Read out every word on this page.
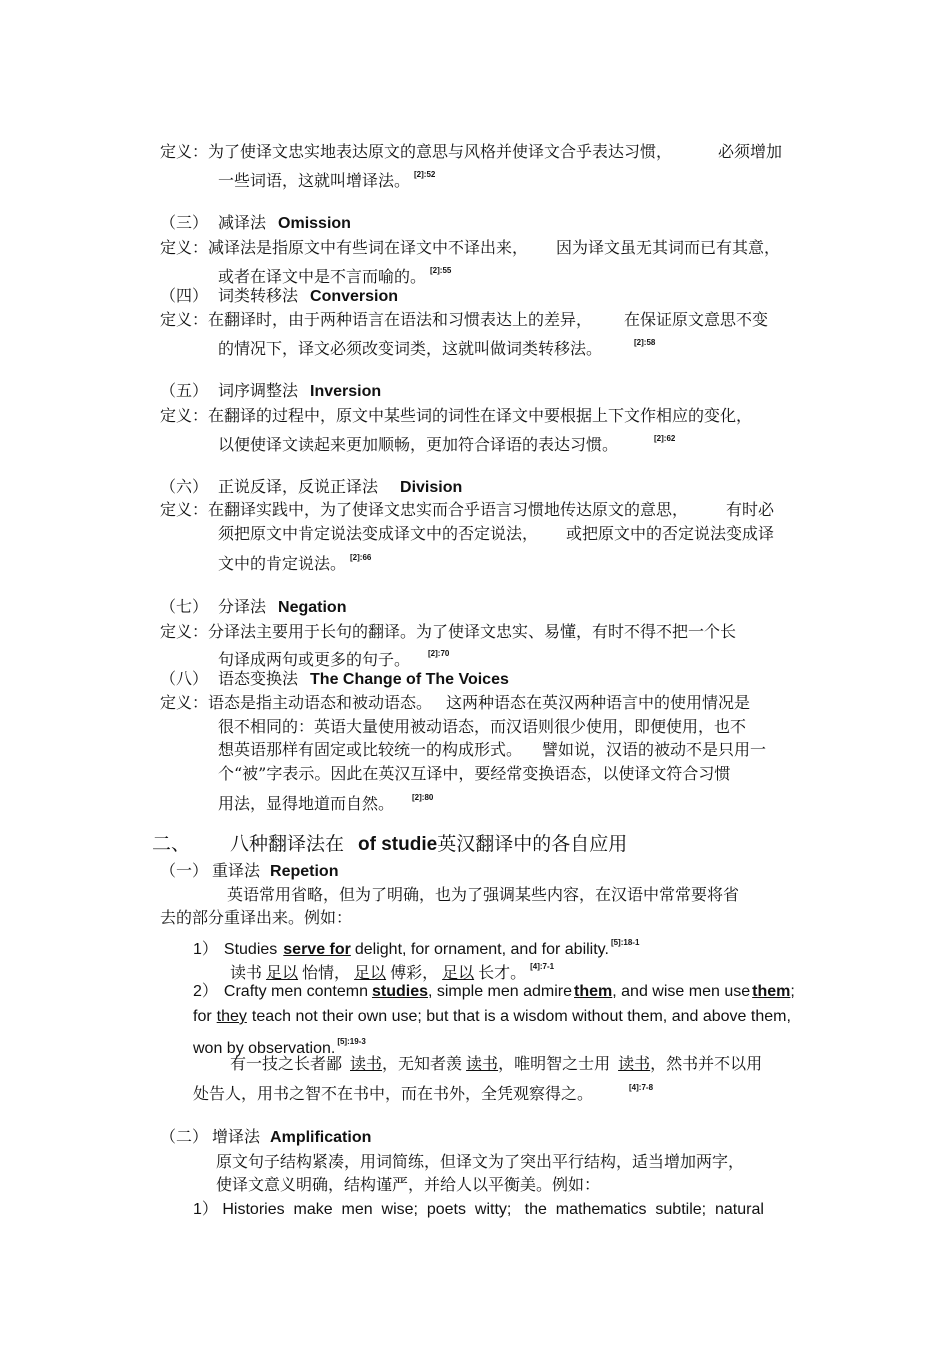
定义：为了使译文忠实地表达原文的意思与风格并使译文合乎表达习惯，	必须增加
一些词语，这就叫增译法。 $^{[2]:52}$
（三） 减译法 Omission
定义：减译法是指原文中有些词在译文中不译出来， 因为译文虽无其词而已有其意，
或者在译文中是不言而喻的。 $^{[2]:55}$
（四） 词类转移法 Conversion
定义：在翻译时，由于两种语言在语法和习惯表达上的差异， 在保证原文意思不变
的情况下，译文必须改变词类，这就叫做词类转移法。	$^{[2]:58}$
（五） 词序调整法 Inversion
定义：在翻译的过程中，原文中某些词的词性在译文中要根据上下文作相应的变化，
以便使译文读起来更加顺畅，更加符合译语的表达习惯。	$^{[2]:62}$
（六） 正说反译，反说正译法 Division
定义：在翻译实践中，为了使译文忠实而合乎语言习惯地传达原文的意思， 有时必
须把原文中肯定说法变成译文中的否定说法， 或把原文中的否定说法变成译
文中的肯定说法。 $^{[2]:66}$
（七） 分译法 Negation
定义：分译法主要用于长句的翻译。为了使译文忠实、易懂，有时不得不把一个长
句译成两句或更多的句子。 $^{[2]:70}$
（八） 语态变换法 The Change of The Voices
定义：语态是指主动语态和被动语态。 这两种语态在英汉两种语言中的使用情况是
很不相同的：英语大量使用被动语态，而汉语则很少使用，即便使用，也不
想英语那样有固定或比较统一的构成形式。 譬如说，汉语的被动不是只用一
个“被”字表示。因此在英汉互译中，要经常变换语态，以使译文符合习惯
用法，显得地道而自然。 $^{[2]:80}$
二、 八种翻译法在 of studie英汉翻译中的各自应用
（一） 重译法 Repetion
英语常用省略，但为了明确，也为了强调某些内容，在汉语中常常要将省
去的部分重译出来。例如：
1） Studies serve for delight, for ornament, and for ability. $^{[5]:18-1}$
读书 足以 怡情， 足以 傅彩， 足以 长才。 $^{[4]:7-1}$
2） Crafty men contemn studies, simple men admire them, and wise men use them;
for they teach not their own use; but that is a wisdom without them, and above them,
won by observation. $^{[5]:19-3}$
有一技之长者鄙 读书，无知者羡 读书，唯明智之士用 读书，然书并不以用
处告人，用书之智不在书中，而在书外，全凭观察得之。	$^{[4]:7-8}$
（二） 增译法 Amplification
原文句子结构紧凑，用词简练，但译文为了突出平行结构，适当增加两字，
使译文意义明确，结构谨严，并给人以平衡美。例如：
1） Histories  make  men  wise;  poets  witty;   the  mathematics  subtile;  natural
